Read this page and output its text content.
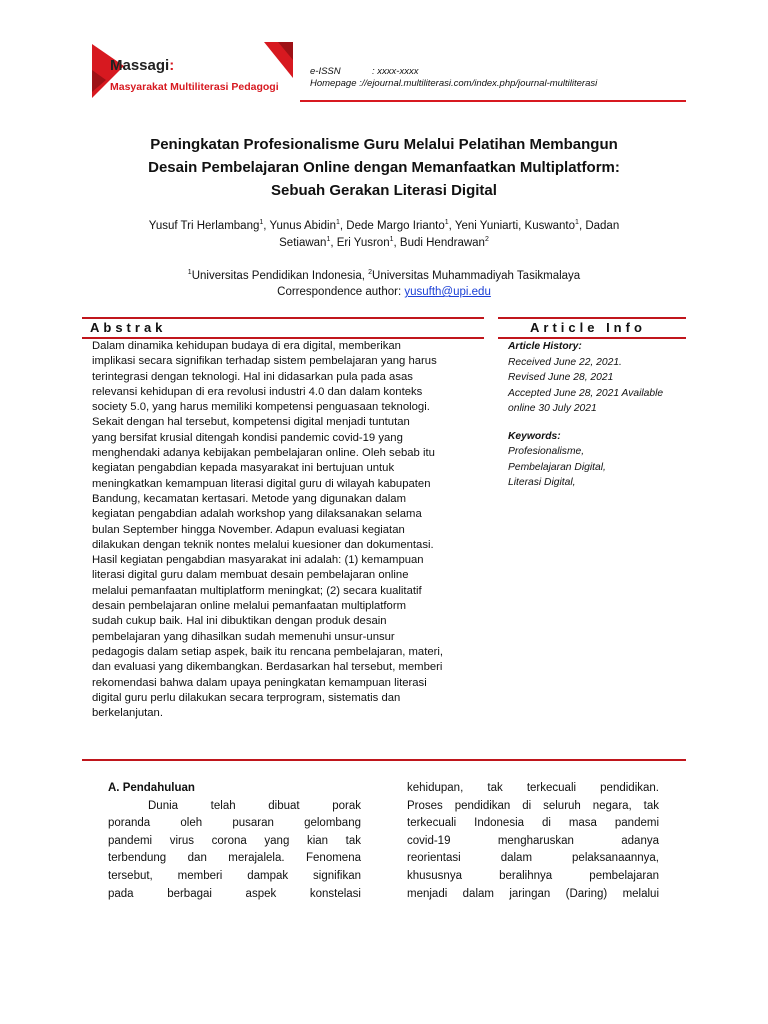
Massagi:
Masyarakat Multiliterasi Pedagogi
e-ISSN	: xxxx-xxxx
Homepage ://ejournal.multiliterasi.com/index.php/journal-multiliterasi
Peningkatan Profesionalisme Guru Melalui Pelatihan Membangun
Desain Pembelajaran Online dengan Memanfaatkan Multiplatform:
Sebuah Gerakan Literasi Digital
Yusuf Tri Herlambang$^1$, Yunus Abidin$^1$, Dede Margo Irianto$^1$, Yeni Yuniarti, Kuswanto$^1$, Dadan
Setiawan$^1$, Eri Yusron$^1$, Budi Hendrawan$^2$
$^1$Universitas Pendidikan Indonesia, $^2$Universitas Muhammadiyah Tasikmalaya
Correspondence author: yusufth@upi.edu
Abstrak	Article Info

Dalam dinamika kehidupan budaya di era digital, memberikan

implikasi secara signifikan terhadap sistem pembelajaran yang harus

terintegrasi dengan teknologi. Hal ini didasarkan pula pada asas

relevansi kehidupan di era revolusi industri 4.0 dan dalam konteks

society 5.0, yang harus memiliki kompetensi penguasaan teknologi.

Sekait dengan hal tersebut, kompetensi digital menjadi tuntutan

yang bersifat krusial ditengah kondisi pandemic covid-19 yang

menghendaki adanya kebijakan pembelajaran online. Oleh sebab itu

kegiatan pengabdian kepada masyarakat ini bertujuan untuk

meningkatkan kemampuan literasi digital guru di wilayah kabupaten

Bandung, kecamatan kertasari. Metode yang digunakan dalam

kegiatan pengabdian adalah workshop yang dilaksanakan selama

bulan September hingga November. Adapun evaluasi kegiatan

dilakukan dengan teknik nontes melalui kuesioner dan dokumentasi.

Hasil kegiatan pengabdian masyarakat ini adalah: (1) kemampuan

literasi digital guru dalam membuat desain pembelajaran online

melalui pemanfaatan multiplatform meningkat; (2) secara kualitatif

desain pembelajaran online melalui pemanfaatan multiplatform

sudah cukup baik. Hal ini dibuktikan dengan produk desain

pembelajaran yang dihasilkan sudah memenuhi unsur-unsur

pedagogis dalam setiap aspek, baik itu rencana pembelajaran, materi,

dan evaluasi yang dikembangkan. Berdasarkan hal tersebut, memberi

rekomendasi bahwa dalam upaya peningkatan kemampuan literasi

digital guru perlu dilakukan secara terprogram, sistematis dan

berkelanjutan.

Article History:
Received June 22, 2021.
Revised June 28, 2021
Accepted June 28, 2021 Available
online 30 July 2021
Keywords:
Profesionalisme,
Pembelajaran Digital,
Literasi Digital,
A. Pendahuluan
Dunia telah dibuat porak
poranda oleh pusaran gelombang
pandemi virus corona yang kian tak
terbendung dan merajalela. Fenomena
tersebut, memberi dampak signifikan
pada berbagai aspek konstelasi
kehidupan, tak terkecuali pendidikan.
Proses pendidikan di seluruh negara, tak
terkecuali Indonesia di masa pandemi
covid-19 mengharuskan adanya
reorientasi dalam pelaksanaannya,
khususnya beralihnya pembelajaran
menjadi dalam jaringan (Daring) melalui
